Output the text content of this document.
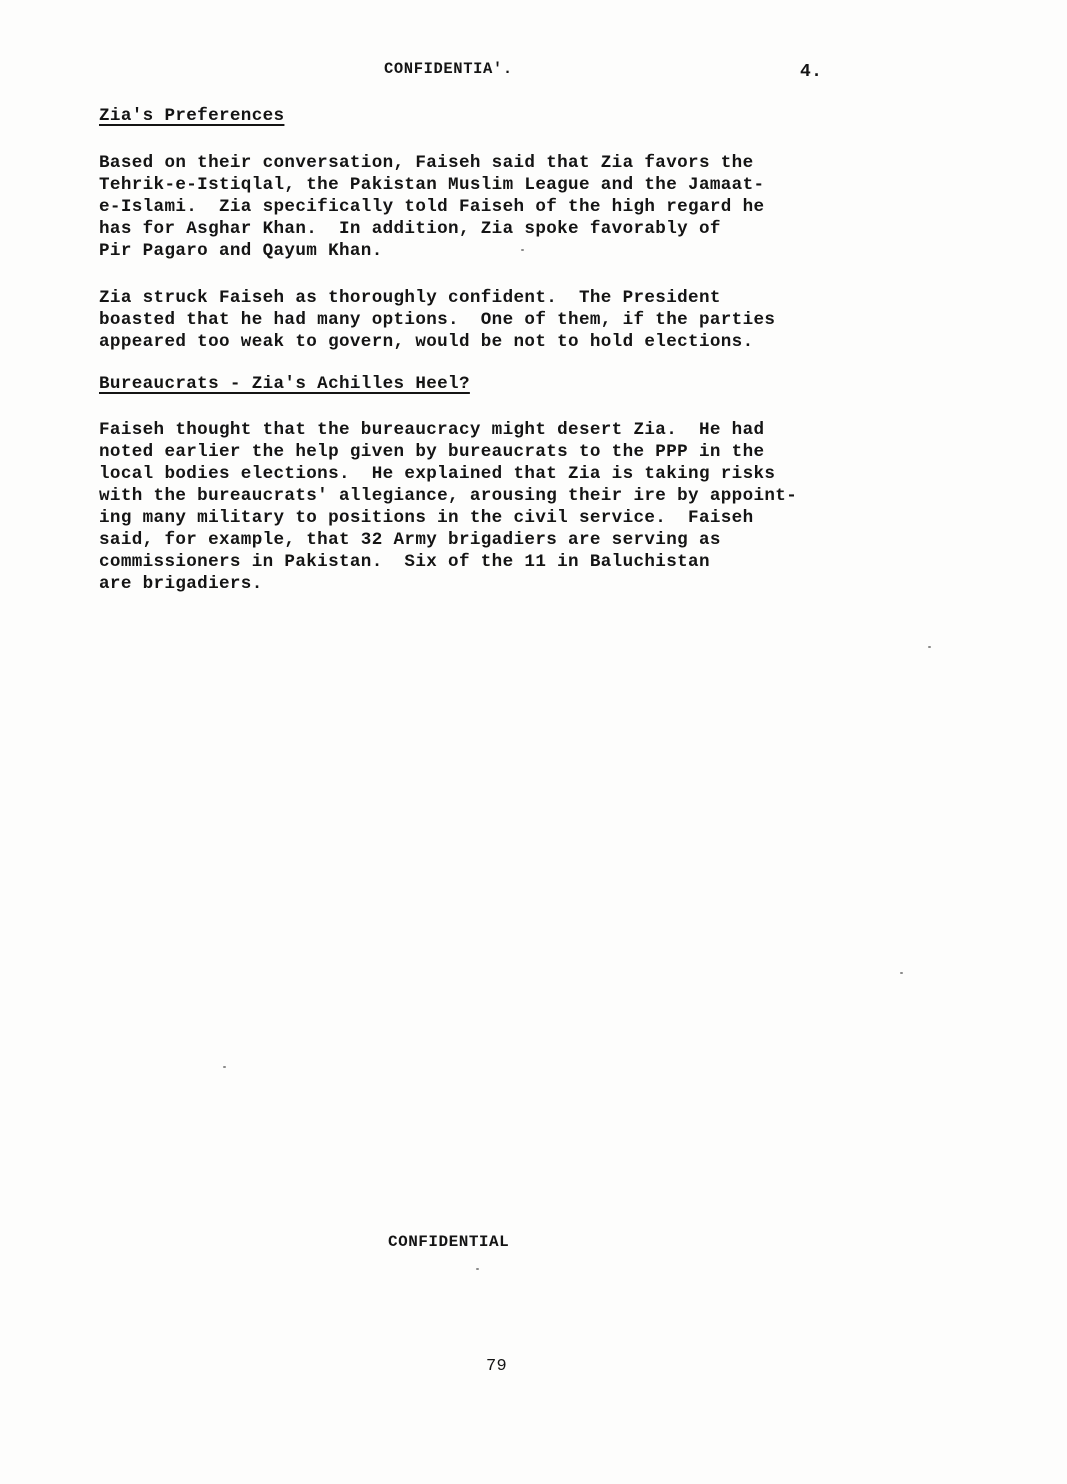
CONFIDENTIA'.	4.
Zia's Preferences

Based on their conversation, Faiseh said that Zia favors the
Tehrik-e-Istiqlal, the Pakistan Muslim League and the Jamaat-
e-Islami.  Zia specifically told Faiseh of the high regard he
has for Asghar Khan.  In addition, Zia spoke favorably of
Pir Pagaro and Qayum Khan.

Zia struck Faiseh as thoroughly confident.  The President
boasted that he had many options.  One of them, if the parties
appeared too weak to govern, would be not to hold elections.

Bureaucrats - Zia's Achilles Heel?

Faiseh thought that the bureaucracy might desert Zia.  He had
noted earlier the help given by bureaucrats to the PPP in the
local bodies elections.  He explained that Zia is taking risks
with the bureaucrats' allegiance, arousing their ire by appoint-
ing many military to positions in the civil service.  Faiseh
said, for example, that 32 Army brigadiers are serving as
commissioners in Pakistan.  Six of the 11 in Baluchistan
are brigadiers.

CONFIDENTIAL
79
